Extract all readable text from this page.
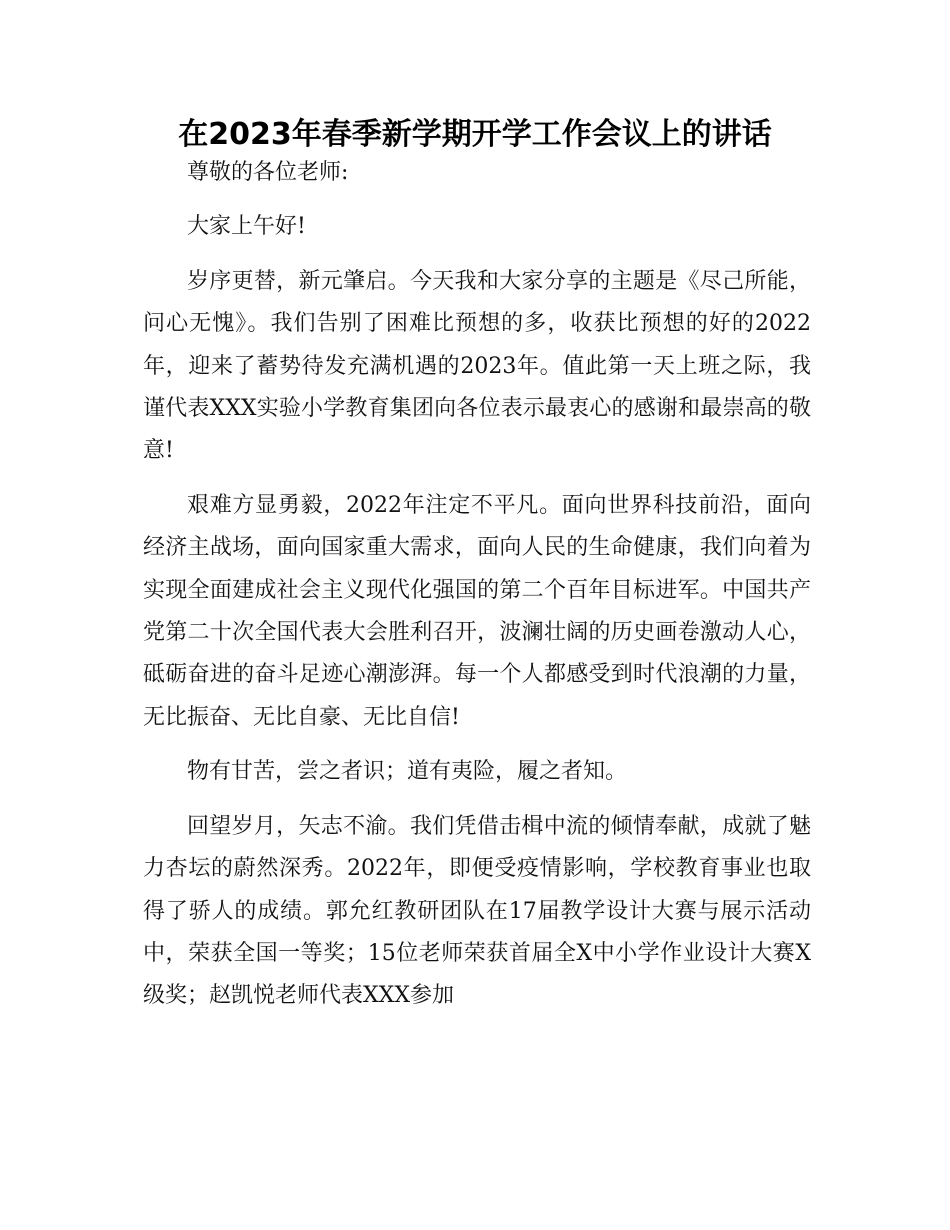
在2023年春季新学期开学工作会议上的讲话

尊敬的各位老师:

大家上午好!

岁序更替，新元肇启。今天我和大家分享的主题是《尽己所能，问心无愧》。我们告别了困难比预想的多，收获比预想的好的2022年，迎来了蓄势待发充满机遇的2023年。值此第一天上班之际，我谨代表XXX实验小学教育集团向各位表示最衷心的感谢和最崇高的敬意!

艰难方显勇毅，2022年注定不平凡。面向世界科技前沿，面向经济主战场，面向国家重大需求，面向人民的生命健康，我们向着为实现全面建成社会主义现代化强国的第二个百年目标进军。中国共产党第二十次全国代表大会胜利召开，波澜壮阔的历史画卷激动人心，砥砺奋进的奋斗足迹心潮澎湃。每一个人都感受到时代浪潮的力量，无比振奋、无比自豪、无比自信!

物有甘苦，尝之者识；道有夷险，履之者知。

回望岁月，矢志不渝。我们凭借击楫中流的倾情奉献，成就了魅力杏坛的蔚然深秀。2022年，即便受疫情影响，学校教育事业也取得了骄人的成绩。郭允红教研团队在17届教学设计大赛与展示活动中，荣获全国一等奖；15位老师荣获首届全X中小学作业设计大赛X级奖；赵凯悦老师代表XXX参加
